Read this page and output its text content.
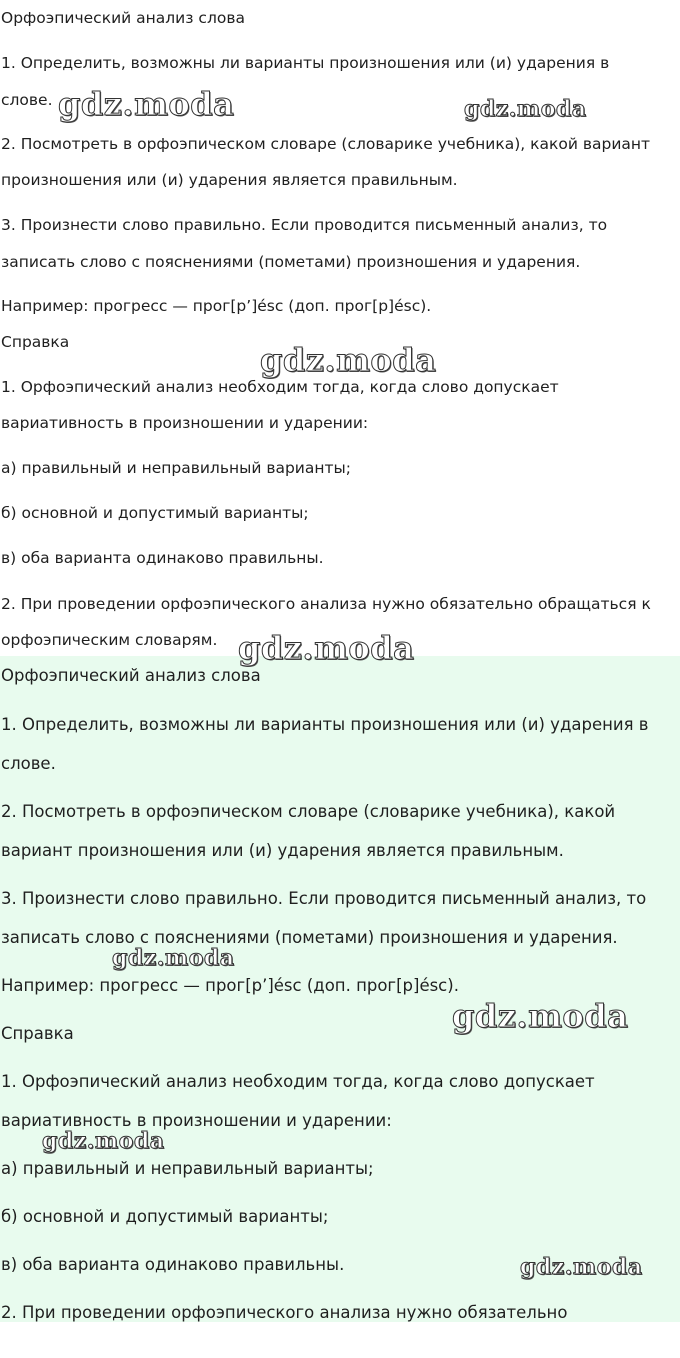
Орфоэпический анализ слова

1. Определить, возможны ли варианты произношения или (и) ударения в

слове.

2. Посмотреть в орфоэпическом словаре (словарике учебника), какой вариант

произношения или (и) ударения является правильным.

3. Произнести слово правильно. Если проводится письменный анализ, то

записать слово с пояснениями (пометами) произношения и ударения.

Например: прогресс — прог[р’]ésс (доп. прог[р]ésс).

Справка

1. Орфоэпический анализ необходим тогда, когда слово допускает

вариативность в произношении и ударении:

а) правильный и неправильный варианты;

б) основной и допустимый варианты;

в) оба варианта одинаково правильны.

2. При проведении орфоэпического анализа нужно обязательно обращаться к

орфоэпическим словарям.

Орфоэпический анализ слова

1. Определить, возможны ли варианты произношения или (и) ударения в

слове.

2. Посмотреть в орфоэпическом словаре (словарике учебника), какой

вариант произношения или (и) ударения является правильным.

3. Произнести слово правильно. Если проводится письменный анализ, то

записать слово с пояснениями (пометами) произношения и ударения.

Например: прогресс — прог[р’]ésс (доп. прог[р]ésс).

Справка

1. Орфоэпический анализ необходим тогда, когда слово допускает

вариативность в произношении и ударении:

а) правильный и неправильный варианты;

б) основной и допустимый варианты;

в) оба варианта одинаково правильны.

2. При проведении орфоэпического анализа нужно обязательно

gdz.moda	gdz.moda
gdz.moda
gdz.moda
gdz.moda
gdz.moda
gdz.moda
gdz.moda
